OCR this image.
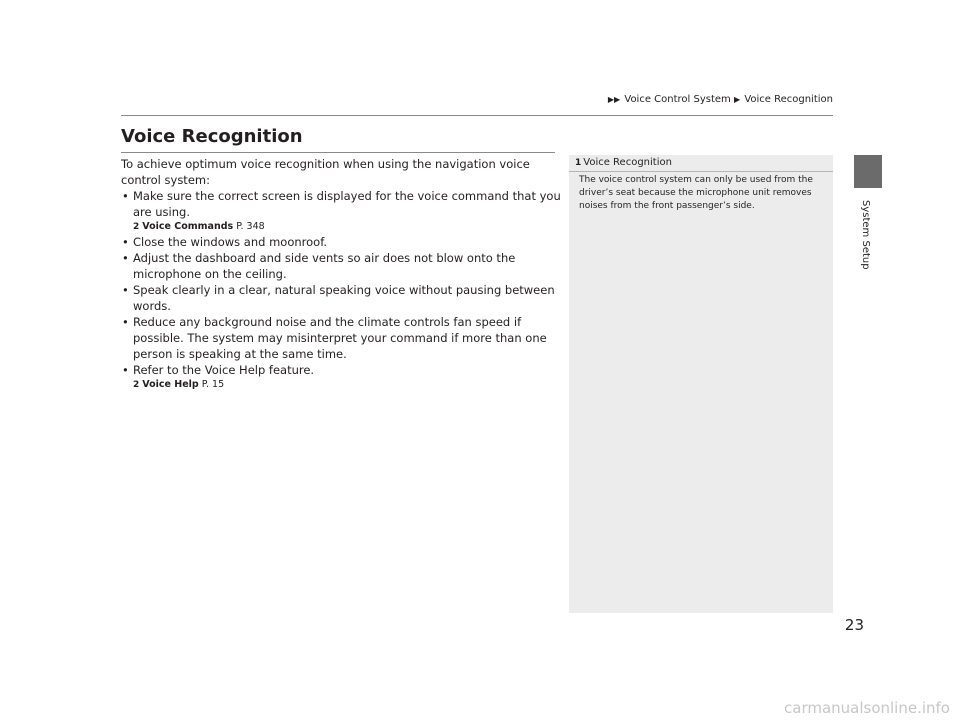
▶▶ Voice Control System ▶ Voice Recognition
Voice Recognition

To achieve optimum voice recognition when using the navigation voice control system:

• Make sure the correct screen is displayed for the voice command that you are using.

2 Voice Commands P. 348

• Close the windows and moonroof.

• Adjust the dashboard and side vents so air does not blow onto the microphone on the ceiling.

• Speak clearly in a clear, natural speaking voice without pausing between words.

• Reduce any background noise and the climate controls fan speed if possible. The system may misinterpret your command if more than one person is speaking at the same time.

• Refer to the Voice Help feature.

2 Voice Help P. 15

1 Voice Recognition
The voice control system can only be used from the driver’s seat because the microphone unit removes noises from the front passenger’s side.	System Setup
23
carmanualsonline.info
